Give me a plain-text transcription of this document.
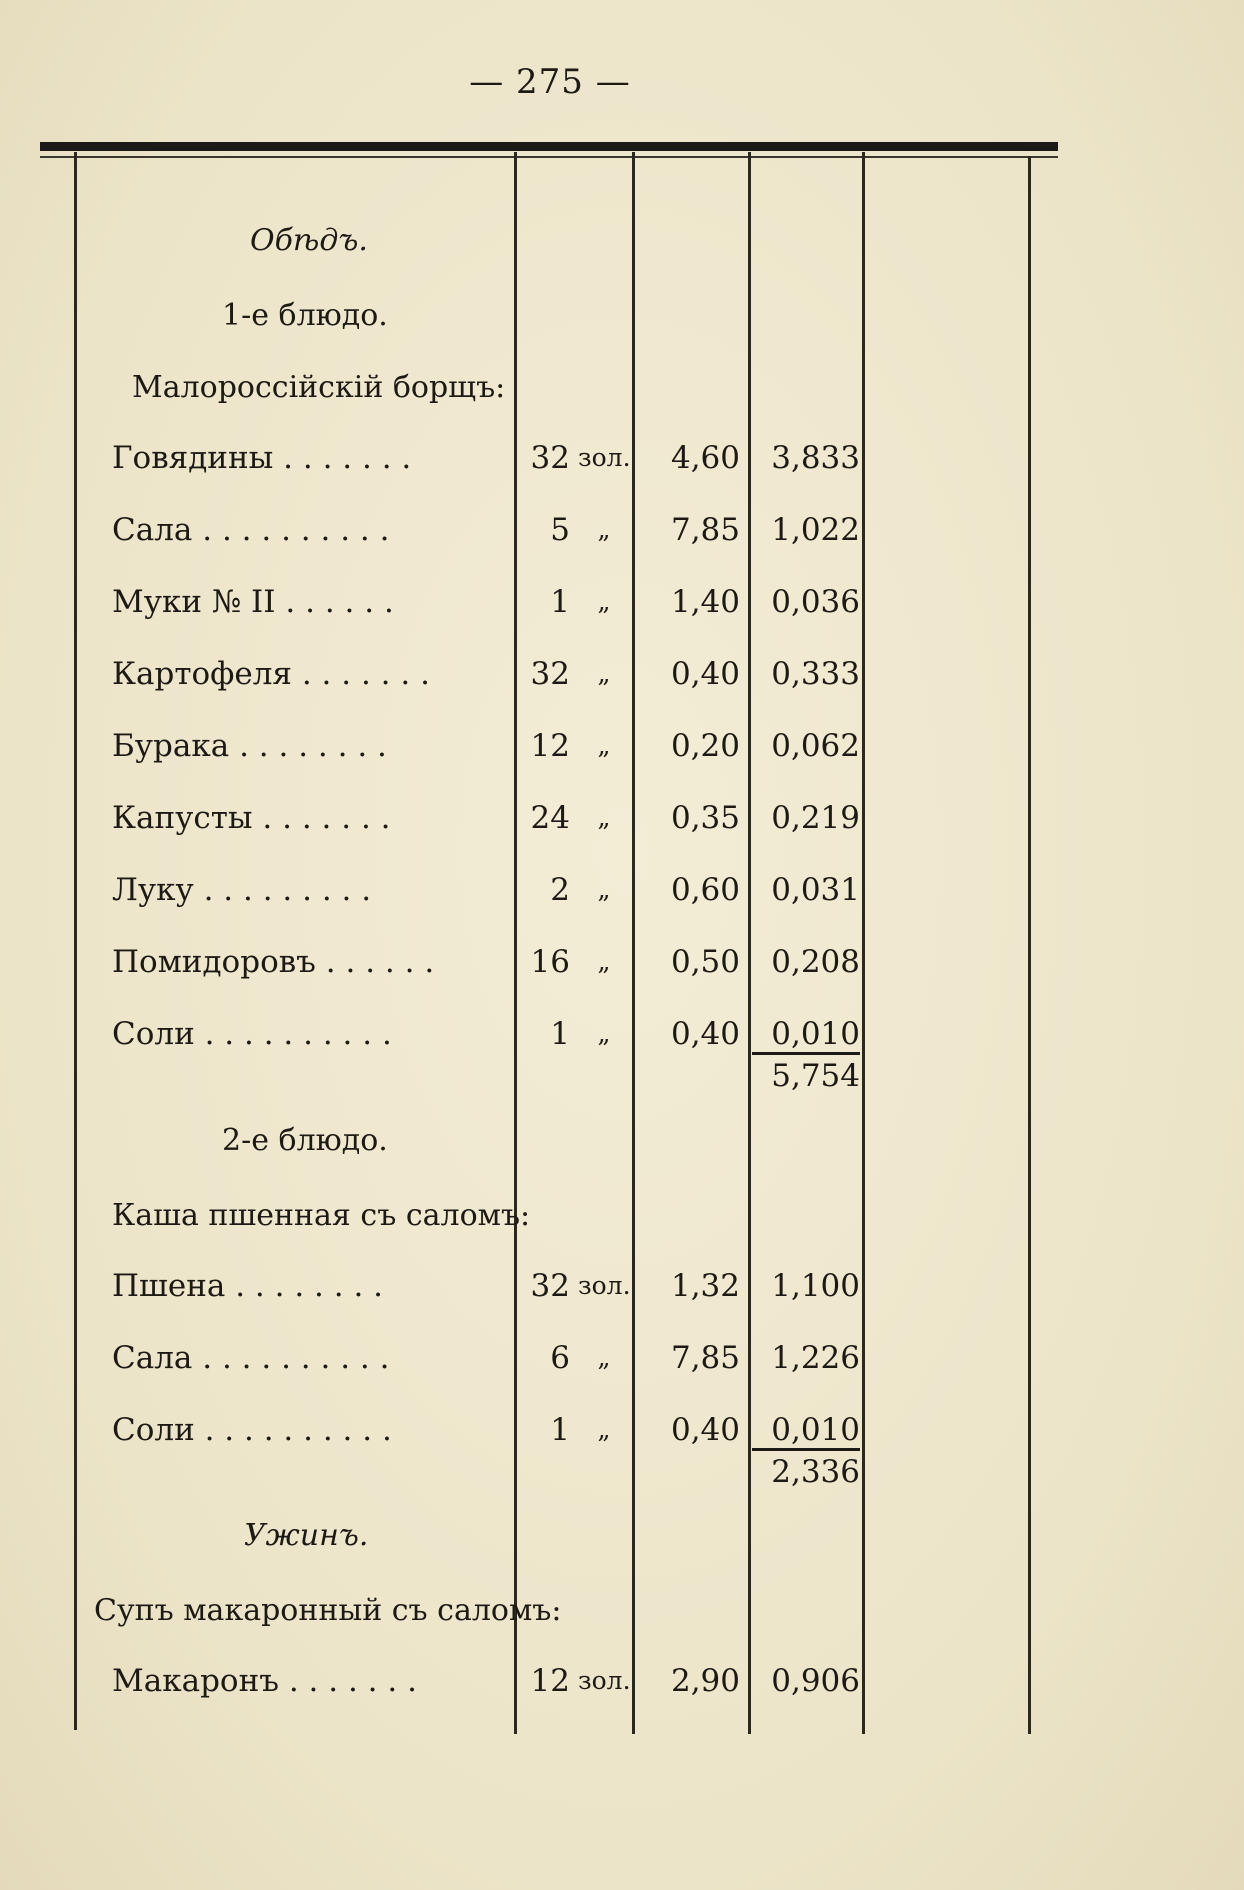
— 275 —
Обѣдъ.
1-е блюдо.
Малороссійскій борщъ:
Говядины . . . . . . .	32 зол.	4,60	3,833
Сала . . . . . . . . . .	5	„	7,85	1,022
Муки № II . . . . . .	1	„	1,40	0,036
Картофеля . . . . . . .	32	„	0,40	0,333
Бурака . . . . . . . .	12	„	0,20	0,062
Капусты . . . . . . .	24	„	0,35	0,219
Луку . . . . . . . . .	2	„	0,60	0,031
Помидоровъ . . . . . .	16	„	0,50	0,208
Соли . . . . . . . . . .	1	„	0,40	0,010
5,754
2-е блюдо.
Каша пшенная съ саломъ:
Пшена . . . . . . . .	32 зол.	1,32	1,100
Сала . . . . . . . . . .	6	„	7,85	1,226
Соли . . . . . . . . . .	1	„	0,40	0,010
2,336
Ужинъ.
Супъ макаронный съ саломъ:
Макаронъ . . . . . . .	12 зол.	2,90	0,906
